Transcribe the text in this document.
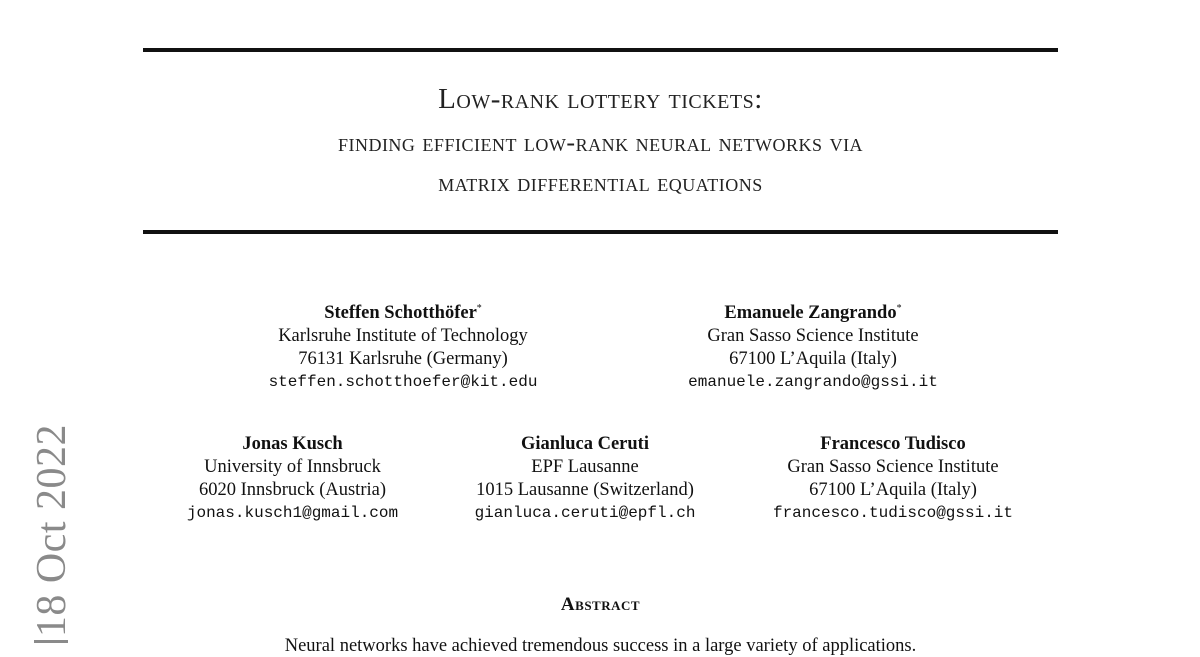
Low-rank lottery tickets:
finding efficient low-rank neural networks via
matrix differential equations
Steffen Schotthöfer*
Karlsruhe Institute of Technology
76131 Karlsruhe (Germany)
steffen.schotthoefer@kit.edu
Emanuele Zangrando*
Gran Sasso Science Institute
67100 L’Aquila (Italy)
emanuele.zangrando@gssi.it
Jonas Kusch
University of Innsbruck
6020 Innsbruck (Austria)
jonas.kusch1@gmail.com
Gianluca Ceruti
EPF Lausanne
1015 Lausanne (Switzerland)
gianluca.ceruti@epfl.ch
Francesco Tudisco
Gran Sasso Science Institute
67100 L’Aquila (Italy)
francesco.tudisco@gssi.it
18 Oct 2022	Abstract
Neural networks have achieved tremendous success in a large variety of applications.
